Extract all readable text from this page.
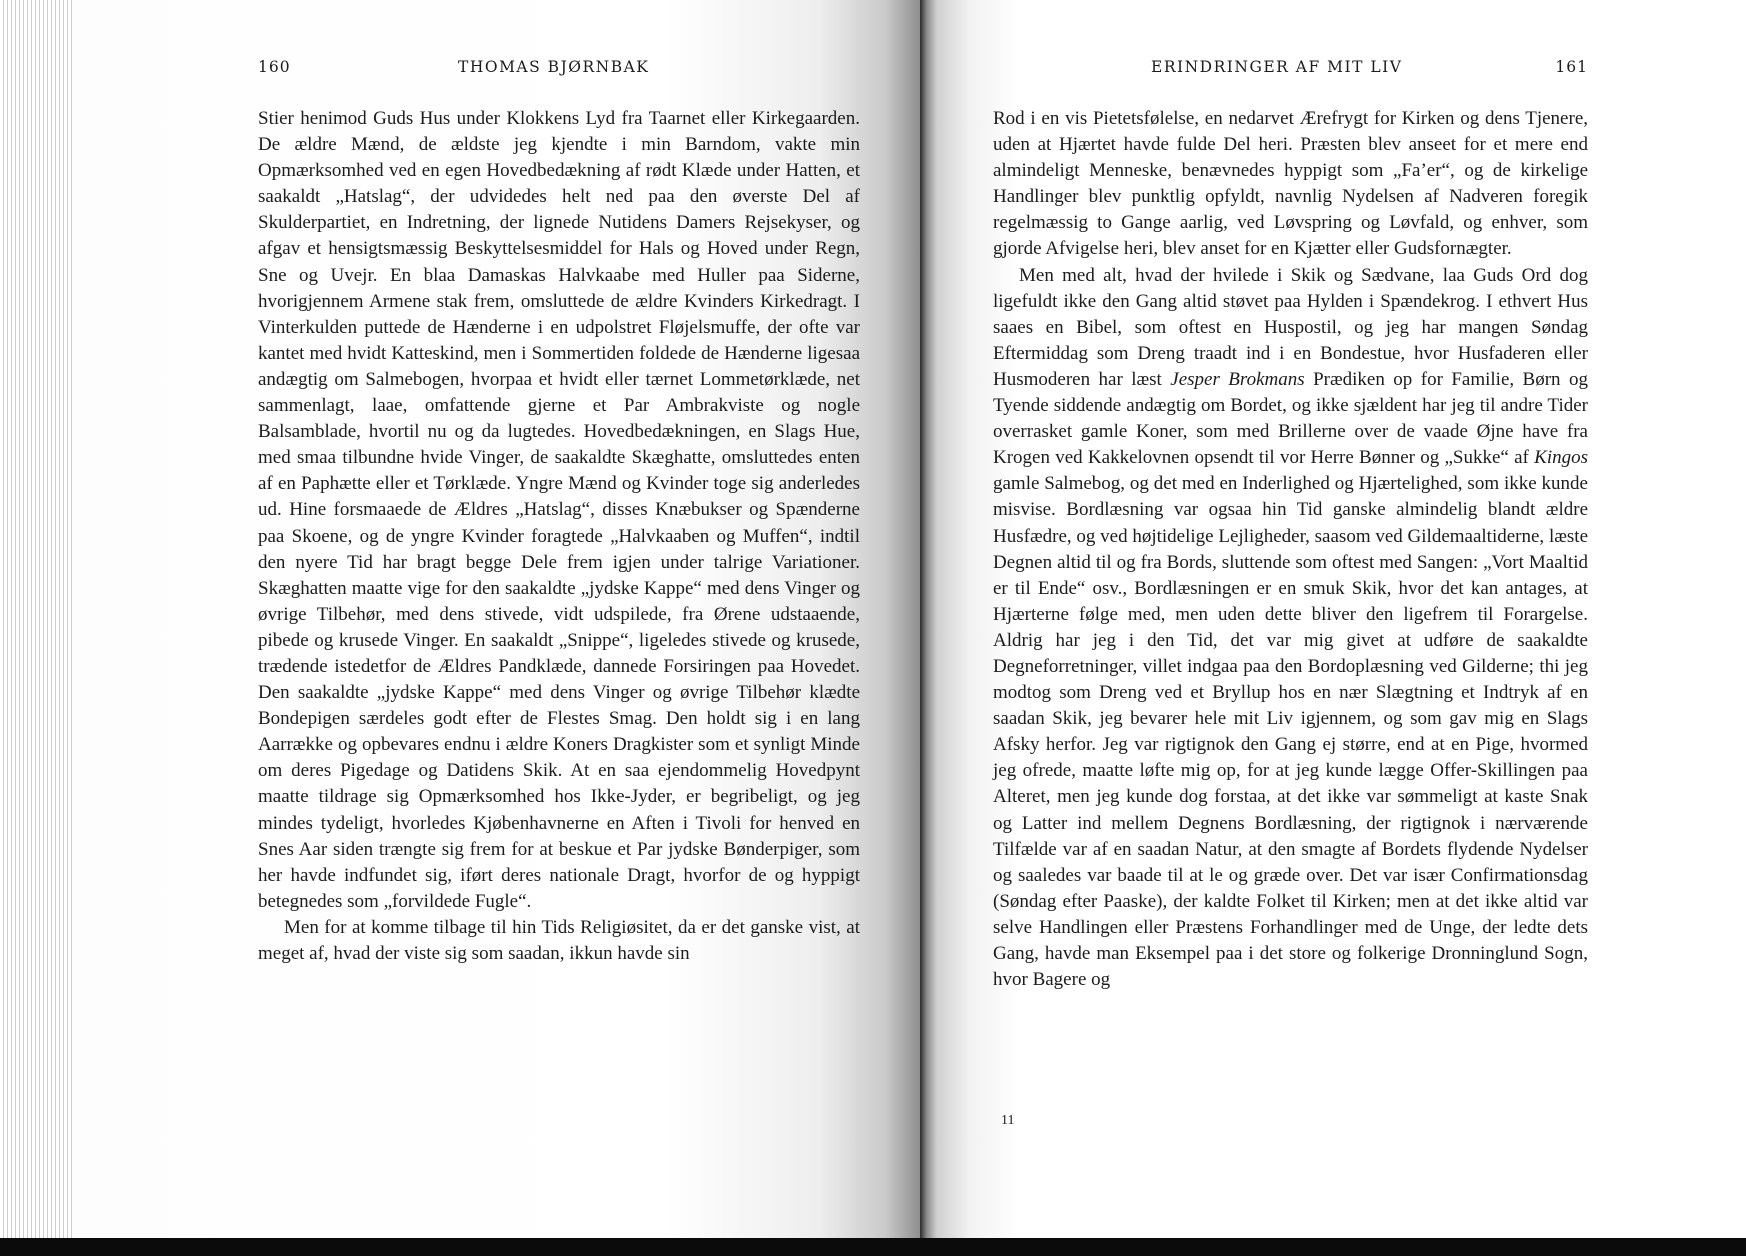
160	THOMAS BJØRNBAK

Stier henimod Guds Hus under Klokkens Lyd fra Taarnet eller Kirkegaarden. De ældre Mænd, de ældste jeg kjendte i min Barndom, vakte min Opmærksomhed ved en egen Hovedbedækning af rødt Klæde under Hatten, et saakaldt „Hatslag“, der udvidedes helt ned paa den øverste Del af Skulderpartiet, en Indretning, der lignede Nutidens Damers Rejsekyser, og afgav et hensigtsmæssig Beskyttelsesmiddel for Hals og Hoved under Regn, Sne og Uvejr. En blaa Damaskas Halvkaabe med Huller paa Siderne, hvorigjennem Armene stak frem, omsluttede de ældre Kvinders Kirkedragt. I Vinterkulden puttede de Hænderne i en udpolstret Fløjelsmuffe, der ofte var kantet med hvidt Katteskind, men i Sommertiden foldede de Hænderne ligesaa andægtig om Salmebogen, hvorpaa et hvidt eller tærnet Lommetørklæde, net sammenlagt, laae, omfattende gjerne et Par Ambrakviste og nogle Balsamblade, hvortil nu og da lugtedes. Hovedbedækningen, en Slags Hue, med smaa tilbundne hvide Vinger, de saakaldte Skæghatte, omsluttedes enten af en Paphætte eller et Tørklæde. Yngre Mænd og Kvinder toge sig anderledes ud. Hine forsmaaede de Ældres „Hatslag“, disses Knæbukser og Spænderne paa Skoene, og de yngre Kvinder foragtede „Halvkaaben og Muffen“, indtil den nyere Tid har bragt begge Dele frem igjen under talrige Variationer. Skæghatten maatte vige for den saakaldte „jydske Kappe“ med dens Vinger og øvrige Tilbehør, med dens stivede, vidt udspilede, fra Ørene udstaaende, pibede og krusede Vinger. En saakaldt „Snippe“, ligeledes stivede og krusede, trædende istedetfor de Ældres Pandklæde, dannede Forsiringen paa Hovedet. Den saakaldte „jydske Kappe“ med dens Vinger og øvrige Tilbehør klædte Bondepigen særdeles godt efter de Flestes Smag. Den holdt sig i en lang Aarrække og opbevares endnu i ældre Koners Dragkister som et synligt Minde om deres Pigedage og Datidens Skik. At en saa ejendommelig Hovedpynt maatte tildrage sig Opmærksomhed hos Ikke-Jyder, er begribeligt, og jeg mindes tydeligt, hvorledes Kjøbenhavnerne en Aften i Tivoli for henved en Snes Aar siden trængte sig frem for at beskue et Par jydske Bønderpiger, som her havde indfundet sig, iført deres nationale Dragt, hvorfor de og hyppigt betegnedes som „forvildede Fugle“.

Men for at komme tilbage til hin Tids Religiøsitet, da er det ganske vist, at meget af, hvad der viste sig som saadan, ikkun havde sin

ERINDRINGER AF MIT LIV	161

Rod i en vis Pietetsfølelse, en nedarvet Ærefrygt for Kirken og dens Tjenere, uden at Hjærtet havde fulde Del heri. Præsten blev anseet for et mere end almindeligt Menneske, benævnedes hyppigt som „Fa’er“, og de kirkelige Handlinger blev punktlig opfyldt, navnlig Nydelsen af Nadveren foregik regelmæssig to Gange aarlig, ved Løvspring og Løvfald, og enhver, som gjorde Afvigelse heri, blev anset for en Kjætter eller Gudsfornægter.

Men med alt, hvad der hvilede i Skik og Sædvane, laa Guds Ord dog ligefuldt ikke den Gang altid støvet paa Hylden i Spændekrog. I ethvert Hus saaes en Bibel, som oftest en Huspostil, og jeg har mangen Søndag Eftermiddag som Dreng traadt ind i en Bondestue, hvor Husfaderen eller Husmoderen har læst Jesper Brokmans Prædiken op for Familie, Børn og Tyende siddende andægtig om Bordet, og ikke sjældent har jeg til andre Tider overrasket gamle Koner, som med Brillerne over de vaade Øjne have fra Krogen ved Kakkelovnen opsendt til vor Herre Bønner og „Sukke“ af Kingos gamle Salmebog, og det med en Inderlighed og Hjærtelighed, som ikke kunde misvise. Bordlæsning var ogsaa hin Tid ganske almindelig blandt ældre Husfædre, og ved højtidelige Lejligheder, saasom ved Gildemaaltiderne, læste Degnen altid til og fra Bords, sluttende som oftest med Sangen: „Vort Maaltid er til Ende“ osv., Bordlæsningen er en smuk Skik, hvor det kan antages, at Hjærterne følge med, men uden dette bliver den ligefrem til Forargelse. Aldrig har jeg i den Tid, det var mig givet at udføre de saakaldte Degneforretninger, villet indgaa paa den Bordoplæsning ved Gilderne; thi jeg modtog som Dreng ved et Bryllup hos en nær Slægtning et Indtryk af en saadan Skik, jeg bevarer hele mit Liv igjennem, og som gav mig en Slags Afsky herfor. Jeg var rigtignok den Gang ej større, end at en Pige, hvormed jeg ofrede, maatte løfte mig op, for at jeg kunde lægge Offer-Skillingen paa Alteret, men jeg kunde dog forstaa, at det ikke var sømmeligt at kaste Snak og Latter ind mellem Degnens Bordlæsning, der rigtignok i nærværende Tilfælde var af en saadan Natur, at den smagte af Bordets flydende Nydelser og saaledes var baade til at le og græde over. Det var især Confirmationsdag (Søndag efter Paaske), der kaldte Folket til Kirken; men at det ikke altid var selve Handlingen eller Præstens Forhandlinger med de Unge, der ledte dets Gang, havde man Eksempel paa i det store og folkerige Dronninglund Sogn, hvor Bagere og

11
